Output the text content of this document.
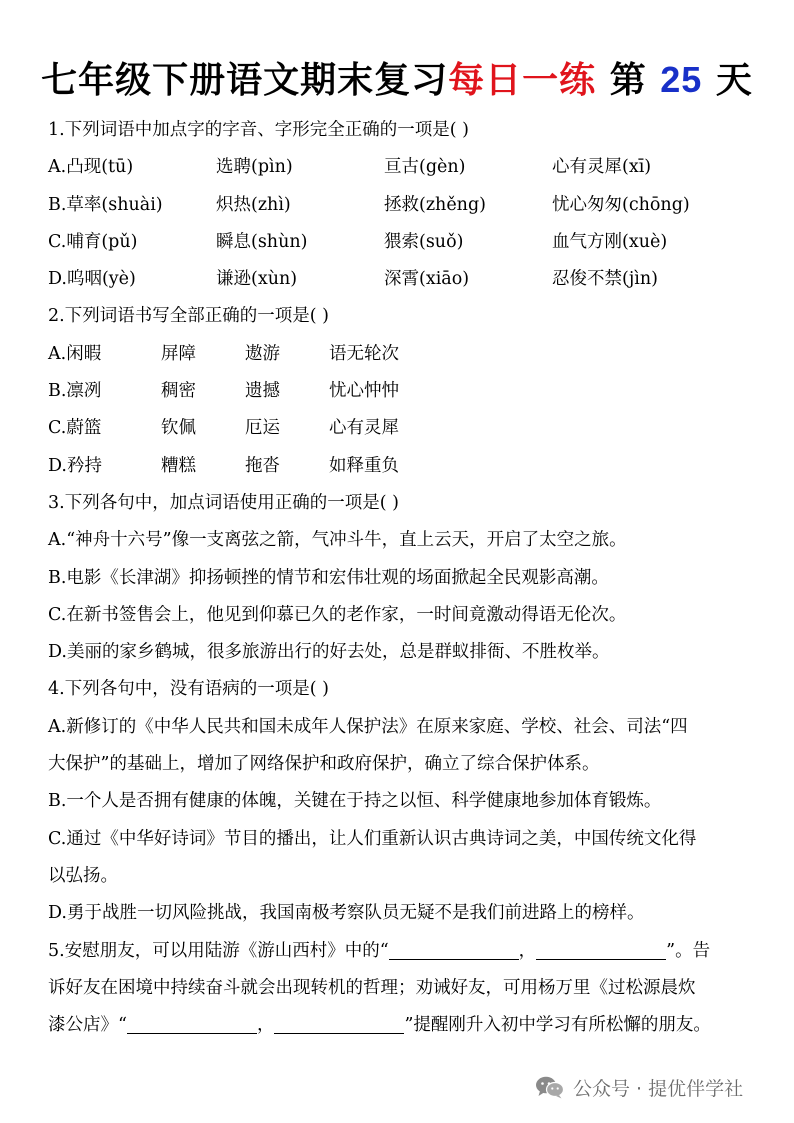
七年级下册语文期末复习每日一练 第 25 天
1.下列词语中加点字的字音、字形完全正确的一项是( )
A.凸现(tū)	选聘(pìn)	亘古(gèn)	心有灵犀(xī)
B.草率(shuài)	炽热(zhì)	拯救(zhěng)	忧心匆匆(chōng)
C.哺育(pǔ)	瞬息(shùn)	猥索(suǒ)	血气方刚(xuè)
D.呜咽(yè)	谦逊(xùn)	深霄(xiāo)	忍俊不禁(jìn)
2.下列词语书写全部正确的一项是( )
A.闲暇	屏障	遨游	语无轮次
B.凛冽	稠密	遗撼	忧心忡忡
C.蔚篮	钦佩	厄运	心有灵犀
D.矜持	糟糕	拖沓	如释重负
3.下列各句中，加点词语使用正确的一项是( )
A.“神舟十六号”像一支离弦之箭，气冲斗牛，直上云天，开启了太空之旅。
B.电影《长津湖》抑扬顿挫的情节和宏伟壮观的场面掀起全民观影高潮。
C.在新书签售会上，他见到仰慕已久的老作家，一时间竟激动得语无伦次。
D.美丽的家乡鹤城，很多旅游出行的好去处，总是群蚁排衙、不胜枚举。
4.下列各句中，没有语病的一项是( )
A.新修订的《中华人民共和国未成年人保护法》在原来家庭、学校、社会、司法“四
大保护”的基础上，增加了网络保护和政府保护，确立了综合保护体系。
B.一个人是否拥有健康的体魄，关键在于持之以恒、科学健康地参加体育锻炼。
C.通过《中华好诗词》节目的播出，让人们重新认识古典诗词之美，中国传统文化得
以弘扬。
D.勇于战胜一切风险挑战，我国南极考察队员无疑不是我们前进路上的榜样。
5.安慰朋友，可以用陆游《游山西村》中的“	，	”。告
诉好友在困境中持续奋斗就会出现转机的哲理；劝诫好友，可用杨万里《过松源晨炊
漆公店》“	，	”提醒刚升入初中学习有所松懈的朋友。
公众号 · 提优伴学社
